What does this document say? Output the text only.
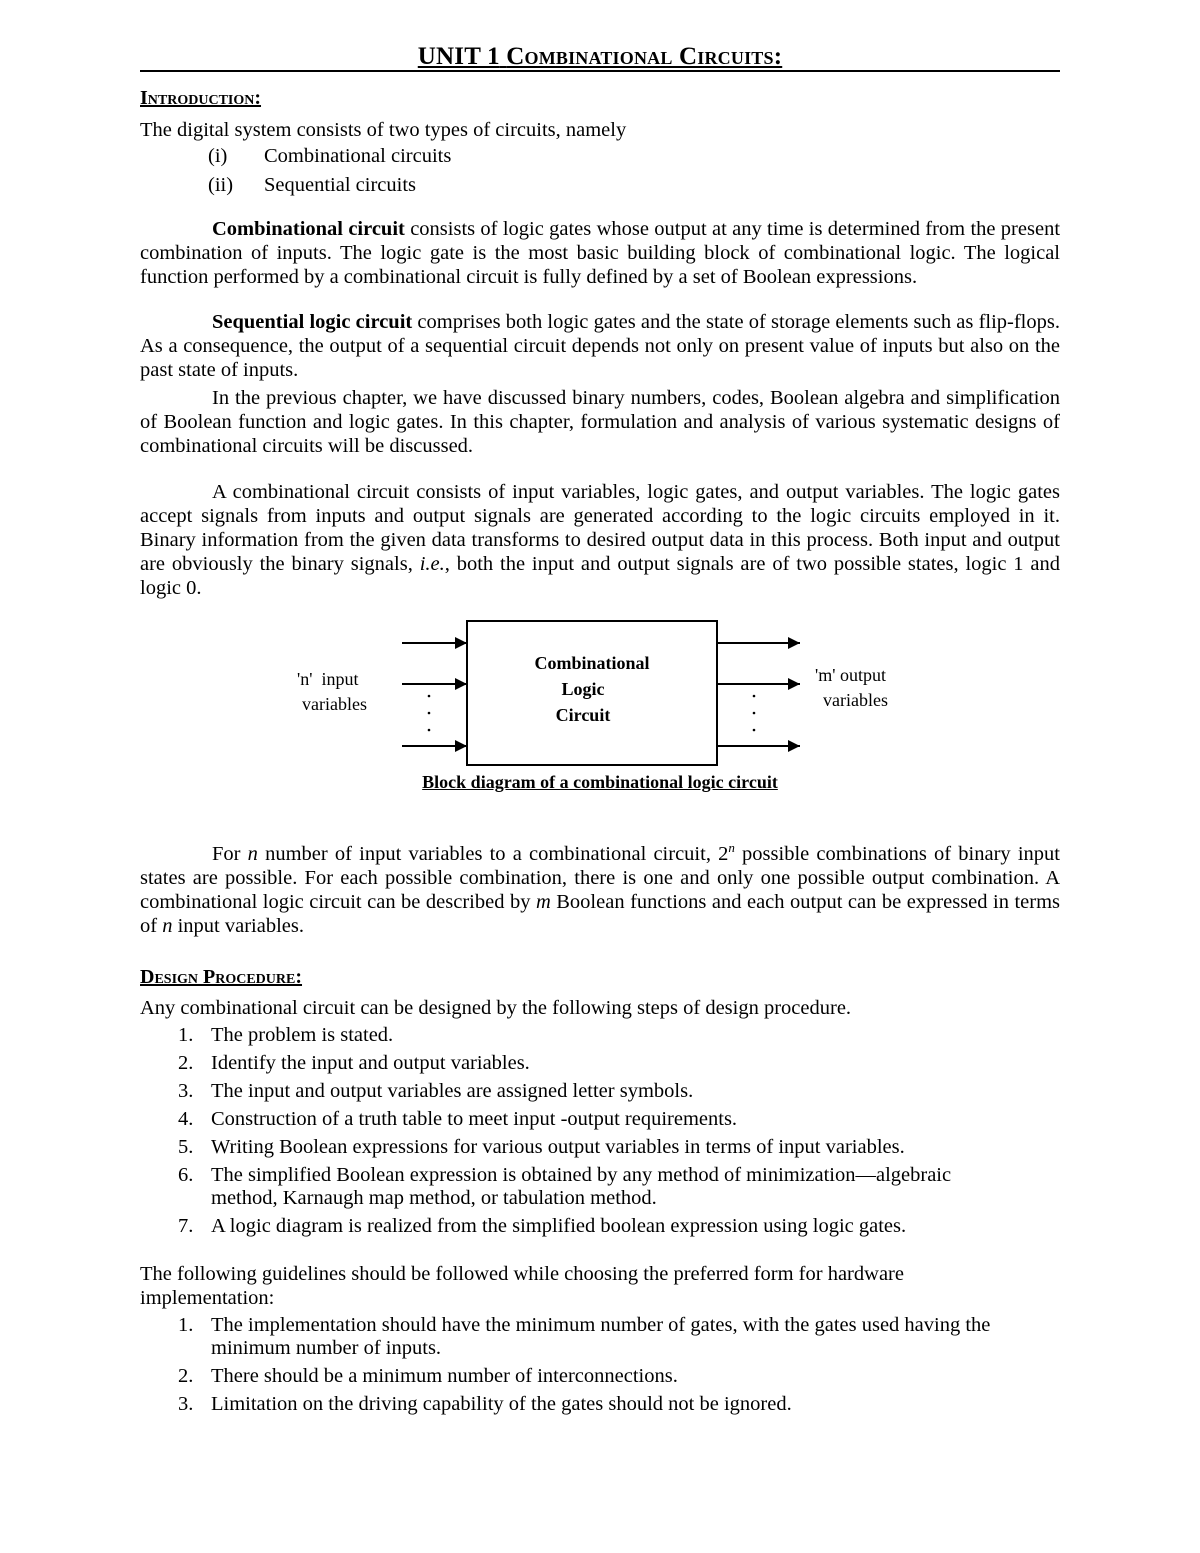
UNIT 1 Combinational Circuits:

Introduction:

The digital system consists of two types of circuits, namely

(i) Combinational circuits
(ii) Sequential circuits

Combinational circuit consists of logic gates whose output at any time is determined from the present combination of inputs. The logic gate is the most basic building block of combinational logic. The logical function performed by a combinational circuit is fully defined by a set of Boolean expressions.

Sequential logic circuit comprises both logic gates and the state of storage elements such as flip-flops. As a consequence, the output of a sequential circuit depends not only on present value of inputs but also on the past state of inputs.

In the previous chapter, we have discussed binary numbers, codes, Boolean algebra and simplification of Boolean function and logic gates. In this chapter, formulation and analysis of various systematic designs of combinational circuits will be discussed.

A combinational circuit consists of input variables, logic gates, and output variables. The logic gates accept signals from inputs and output signals are generated according to the logic circuits employed in it. Binary information from the given data transforms to desired output data in this process. Both input and output are obviously the binary signals, i.e., both the input and output signals are of two possible states, logic 1 and logic 0.

Combinational
Logic
Circuit
'n'  input
variables
'm' output
variables
Block diagram of a combinational logic circuit

For n number of input variables to a combinational circuit, 2$^n$ possible combinations of binary input states are possible. For each possible combination, there is one and only one possible output combination. A combinational logic circuit can be described by m Boolean functions and each output can be expressed in terms of n input variables.

Design Procedure:

Any combinational circuit can be designed by the following steps of design procedure.

1. The problem is stated.
2. Identify the input and output variables.
3. The input and output variables are assigned letter symbols.
4. Construction of a truth table to meet input -output requirements.
5. Writing Boolean expressions for various output variables in terms of input variables.
6. The simplified Boolean expression is obtained by any method of minimization—algebraic method, Karnaugh map method, or tabulation method.
7. A logic diagram is realized from the simplified boolean expression using logic gates.

The following guidelines should be followed while choosing the preferred form for hardware implementation:

1. The implementation should have the minimum number of gates, with the gates used having the minimum number of inputs.
2. There should be a minimum number of interconnections.
3. Limitation on the driving capability of the gates should not be ignored.
